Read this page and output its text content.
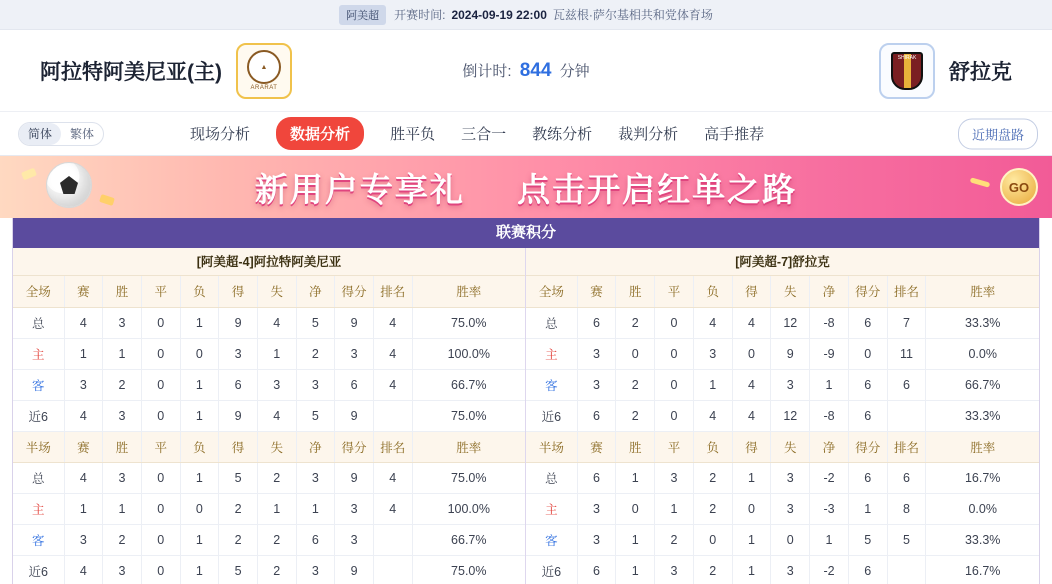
阿美超	开赛时间: 2024-09-19 22:00 瓦兹根·萨尔基相共和党体育场
阿拉特阿美尼亚(主)	▲
ARARAT
倒计时: 844 分钟
SHIRAK
舒拉克
简体	繁体	现场分析	数据分析	胜平负 三合一 教练分析 裁判分析 高手推荐	近期盘路
新用户专享礼 点击开启红单之路	GO
联赛积分
[阿美超-4]阿拉特阿美尼亚
全场	赛	胜	平	负	得	失	净	得分	排名	胜率
总	4	3	0	1	9	4	5	9	4	75.0%
主	1	1	0	0	3	1	2	3	4	100.0%
客	3	2	0	1	6	3	3	6	4	66.7%
近6	4	3	0	1	9	4	5	9		75.0%
半场	赛	胜	平	负	得	失	净	得分	排名	胜率
总	4	3	0	1	5	2	3	9	4	75.0%
主	1	1	0	0	2	1	1	3	4	100.0%
客	3	2	0	1	2	2	6	3		66.7%
近6	4	3	0	1	5	2	3	9		75.0%
[阿美超-7]舒拉克
全场	赛	胜	平	负	得	失	净	得分	排名	胜率
总	6	2	0	4	4	12	-8	6	7	33.3%
主	3	0	0	3	0	9	-9	0	11	0.0%
客	3	2	0	1	4	3	1	6	6	66.7%
近6	6	2	0	4	4	12	-8	6		33.3%
半场	赛	胜	平	负	得	失	净	得分	排名	胜率
总	6	1	3	2	1	3	-2	6	6	16.7%
主	3	0	1	2	0	3	-3	1	8	0.0%
客	3	1	2	0	1	0	1	5	5	33.3%
近6	6	1	3	2	1	3	-2	6		16.7%
